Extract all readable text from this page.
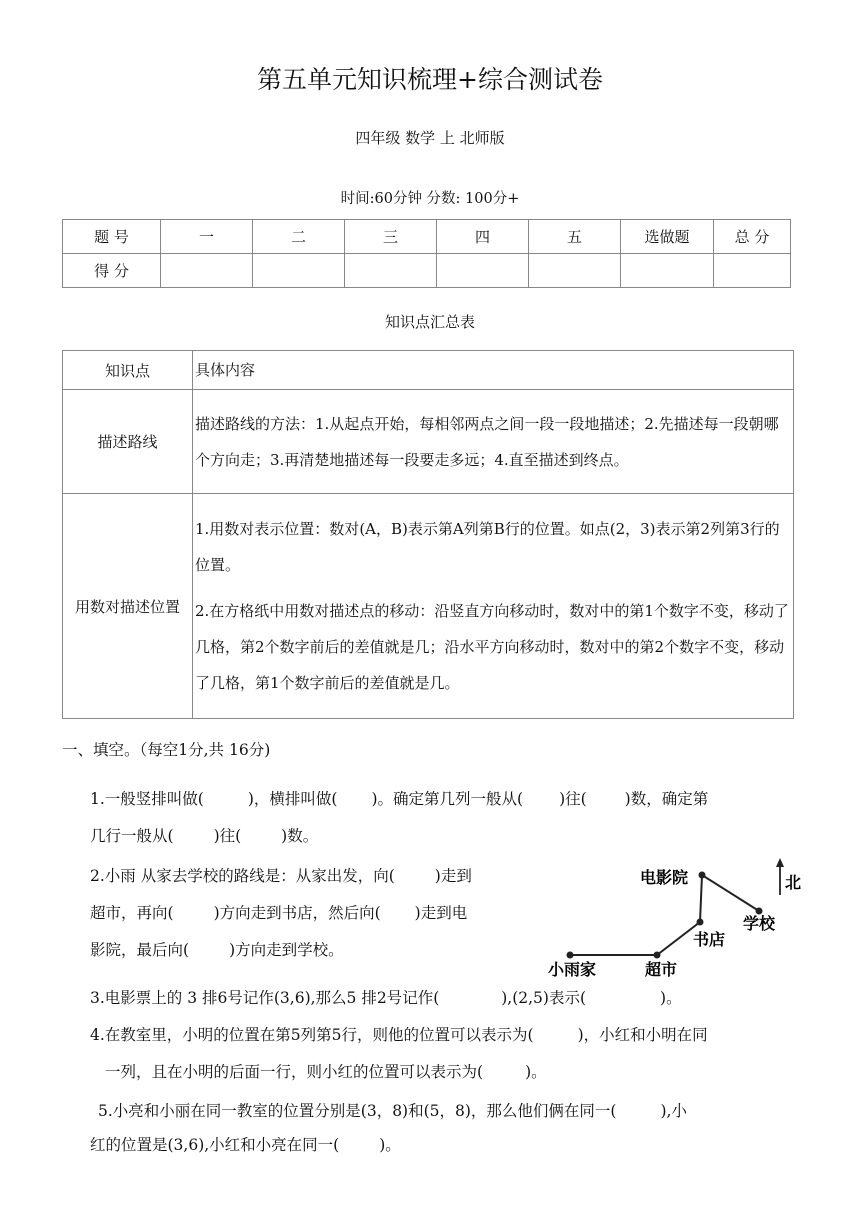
第五单元知识梳理+综合测试卷
四年级 数学 上 北师版
时间:60分钟 分数: 100分+
题 号	一	二	三	四	五	选做题	总 分
得 分							
知识点汇总表
知识点	具体内容
描述路线	描述路线的方法：1.从起点开始，每相邻两点之间一段一段地描述；2.先描述每一段朝哪个方向走；3.再清楚地描述每一段要走多远；4.直至描述到终点。
用数对描述位置	1.用数对表示位置：数对(A，B)表示第A列第B行的位置。如点(2，3)表示第2列第3行的位置。
2.在方格纸中用数对描述点的移动：沿竖直方向移动时，数对中的第1个数字不变，移动了几格，第2个数字前后的差值就是几；沿水平方向移动时，数对中的第2个数字不变，移动了几格，第1个数字前后的差值就是几。
一、填空。（每空1分,共 16分)
1.一般竖排叫做(	)，横排叫做( )。确定第几列一般从( )往( )数，确定第
几行一般从(	)往(	)数。
2.小雨 从家去学校的路线是：从家出发，向(	)走到
超市，再向(	)方向走到书店，然后向( )走到电
影院，最后向(	)方向走到学校。
电影院
学校
书店
小雨家	超市
北
3.电影票上的 3 排6号记作(3,6),那么5 排2号记作(	),(2,5)表示(	)。
4.在教室里，小明的位置在第5列第5行，则他的位置可以表示为(	)，小红和小明在同
一列，且在小明的后面一行，则小红的位置可以表示为(	)。
5.小亮和小丽在同一教室的位置分别是(3，8)和(5，8)，那么他们俩在同一(	),小
红的位置是(3,6),小红和小亮在同一(	)。
